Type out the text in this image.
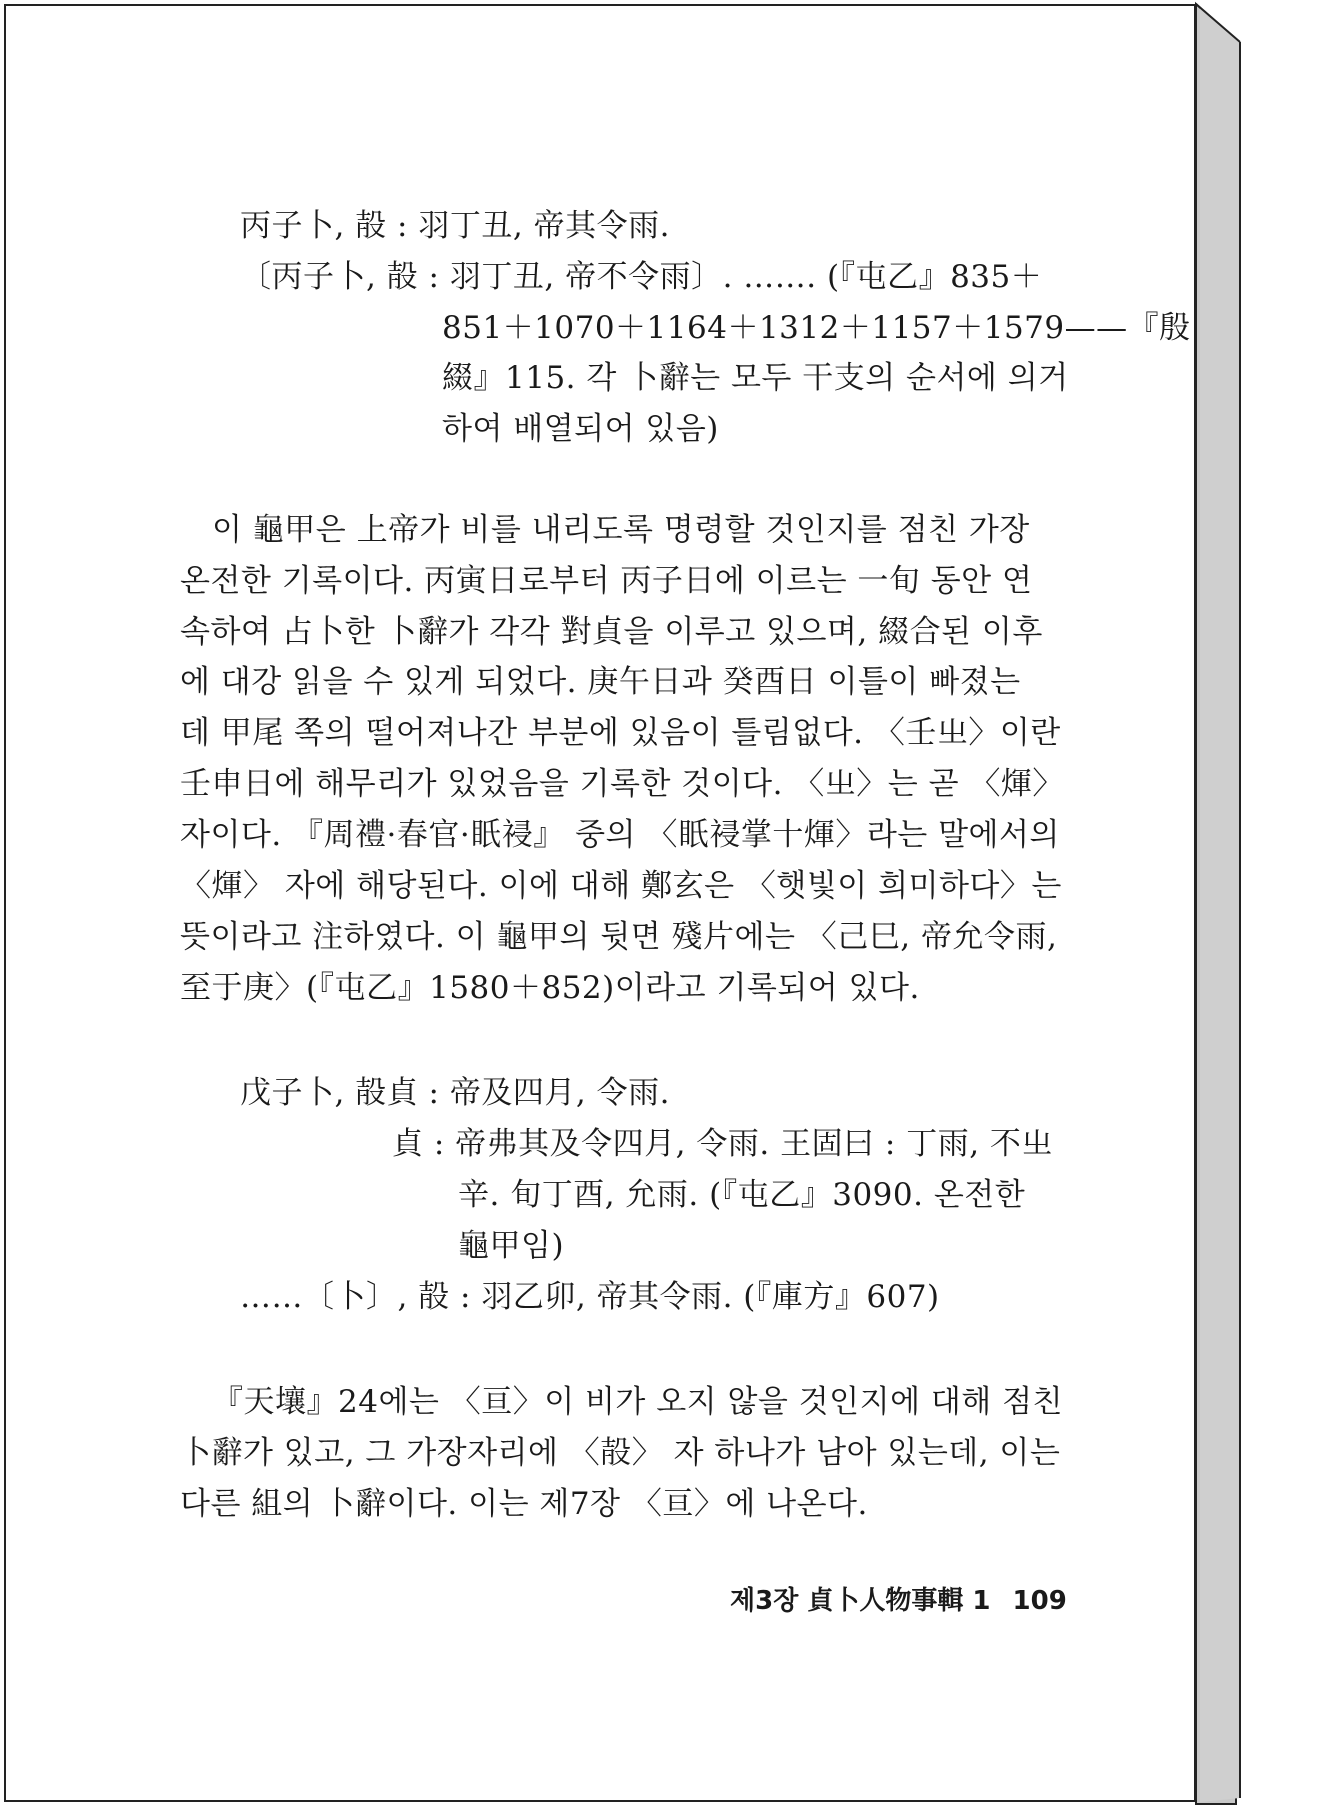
丙子卜, 㱿 : 羽丁丑, 帝其令雨.
〔丙子卜, 㱿 : 羽丁丑, 帝不令雨〕. ……. (『屯乙』835＋
851＋1070＋1164＋1312＋1157＋1579——『殷
綴』115. 각 卜辭는 모두 干支의 순서에 의거
하여 배열되어 있음)
이 龜甲은 上帝가 비를 내리도록 명령할 것인지를 점친 가장
온전한 기록이다. 丙寅日로부터 丙子日에 이르는 一旬 동안 연
속하여 占卜한 卜辭가 각각 對貞을 이루고 있으며, 綴合된 이후
에 대강 읽을 수 있게 되었다. 庚午日과 癸酉日 이틀이 빠졌는
데 甲尾 쪽의 떨어져나간 부분에 있음이 틀림없다. 〈壬㞢〉이란
壬申日에 해무리가 있었음을 기록한 것이다. 〈㞢〉는 곧 〈煇〉
자이다. 『周禮·春官·眂祲』 중의 〈眂祲掌十煇〉라는 말에서의
〈煇〉 자에 해당된다. 이에 대해 鄭玄은 〈햇빛이 희미하다〉는
뜻이라고 注하였다. 이 龜甲의 뒷면 殘片에는 〈己巳, 帝允令雨,
至于庚〉(『屯乙』1580＋852)이라고 기록되어 있다.
戊子卜, 㱿貞 : 帝及四月, 令雨.
貞 : 帝弗其及令四月, 令雨. 王固曰 : 丁雨, 不㞢
辛. 旬丁酉, 允雨. (『屯乙』3090. 온전한
龜甲임)
……〔卜〕, 㱿 : 羽乙卯, 帝其令雨. (『庫方』607)
『天壤』24에는 〈亘〉이 비가 오지 않을 것인지에 대해 점친
卜辭가 있고, 그 가장자리에 〈㱿〉 자 하나가 남아 있는데, 이는
다른 組의 卜辭이다. 이는 제7장 〈亘〉에 나온다.
제3장 貞卜人物事輯 1 109
